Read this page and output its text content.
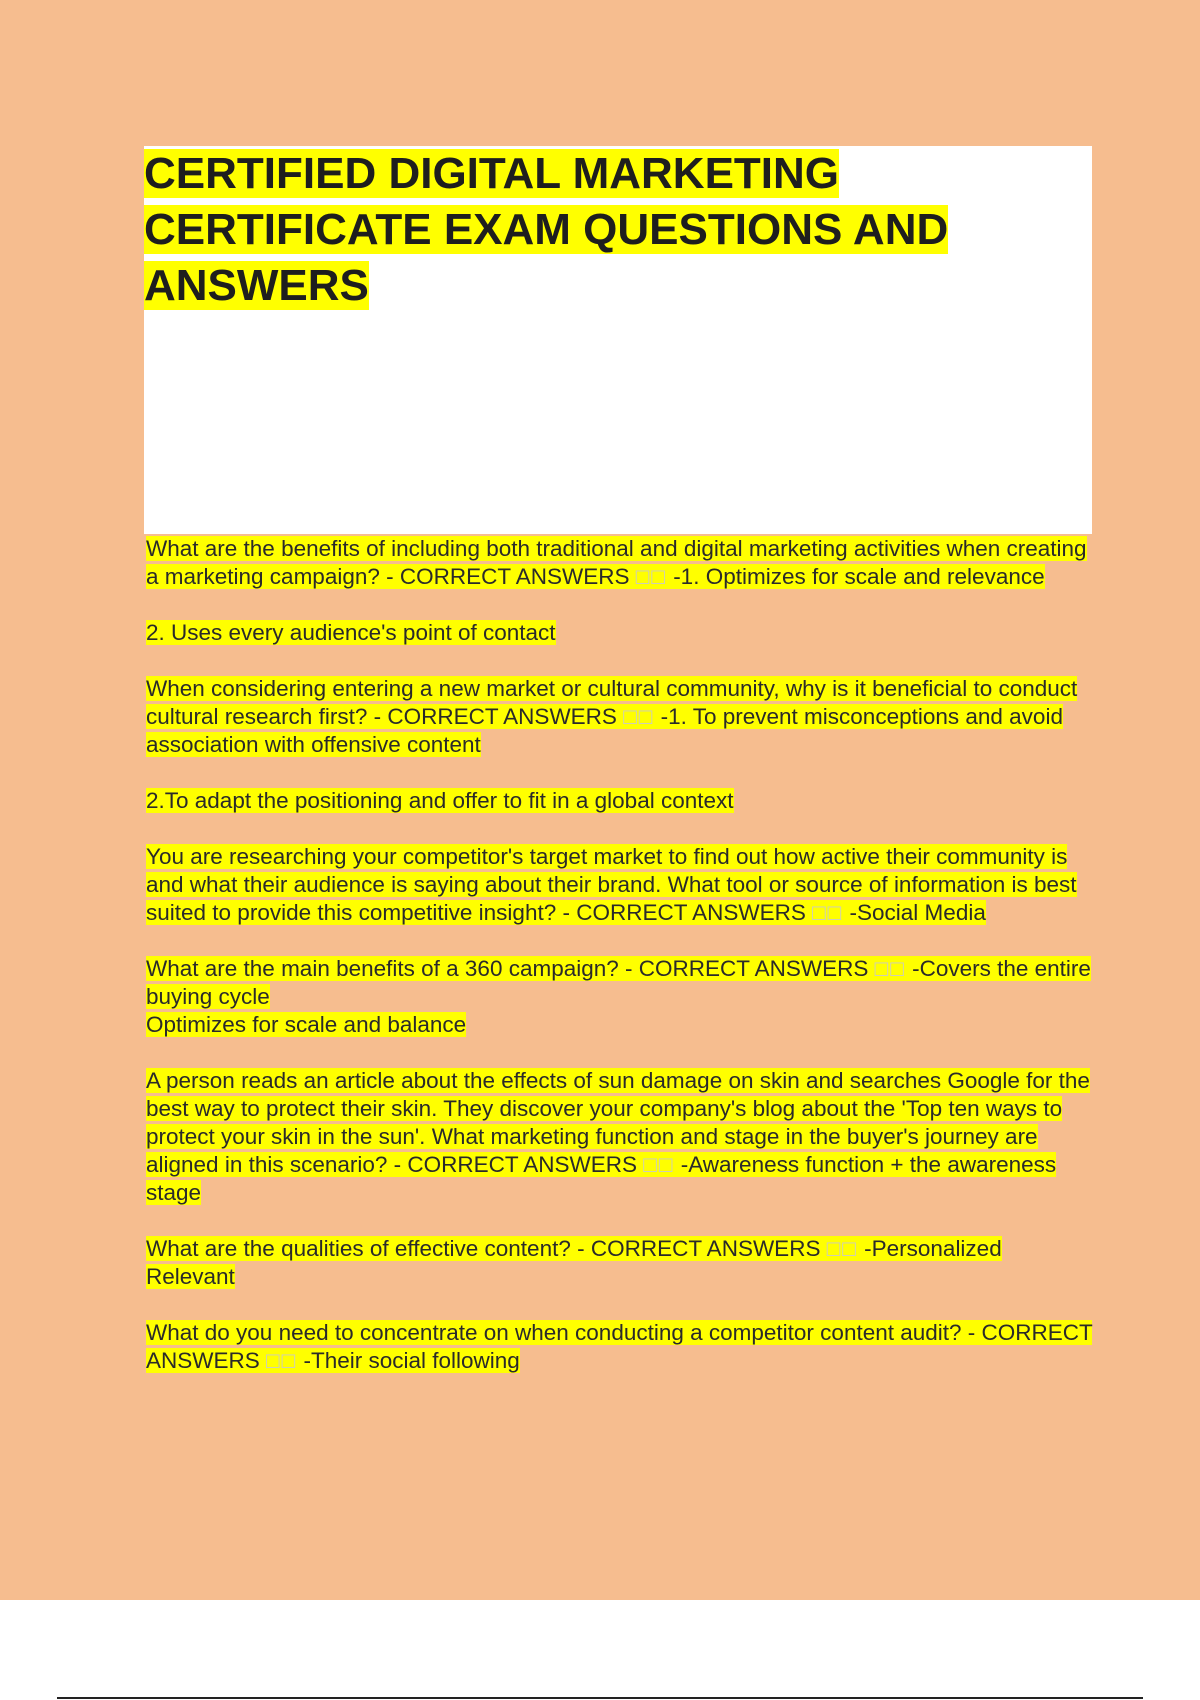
CERTIFIED DIGITAL MARKETING CERTIFICATE EXAM QUESTIONS AND ANSWERS

What are the benefits of including both traditional and digital marketing activities when creating a marketing campaign? - CORRECT ANSWERS □□ -1. Optimizes for scale and relevance

2. Uses every audience's point of contact

When considering entering a new market or cultural community, why is it beneficial to conduct cultural research first? - CORRECT ANSWERS □□ -1. To prevent misconceptions and avoid association with offensive content

2.To adapt the positioning and offer to fit in a global context

You are researching your competitor's target market to find out how active their community is and what their audience is saying about their brand. What tool or source of information is best suited to provide this competitive insight? - CORRECT ANSWERS □□ -Social Media

What are the main benefits of a 360 campaign? - CORRECT ANSWERS □□ -Covers the entire buying cycle
Optimizes for scale and balance

A person reads an article about the effects of sun damage on skin and searches Google for the best way to protect their skin. They discover your company's blog about the 'Top ten ways to protect your skin in the sun'. What marketing function and stage in the buyer's journey are aligned in this scenario? - CORRECT ANSWERS □□ -Awareness function + the awareness stage

What are the qualities of effective content? - CORRECT ANSWERS □□ -Personalized
Relevant

What do you need to concentrate on when conducting a competitor content audit? - CORRECT ANSWERS □□ -Their social following
